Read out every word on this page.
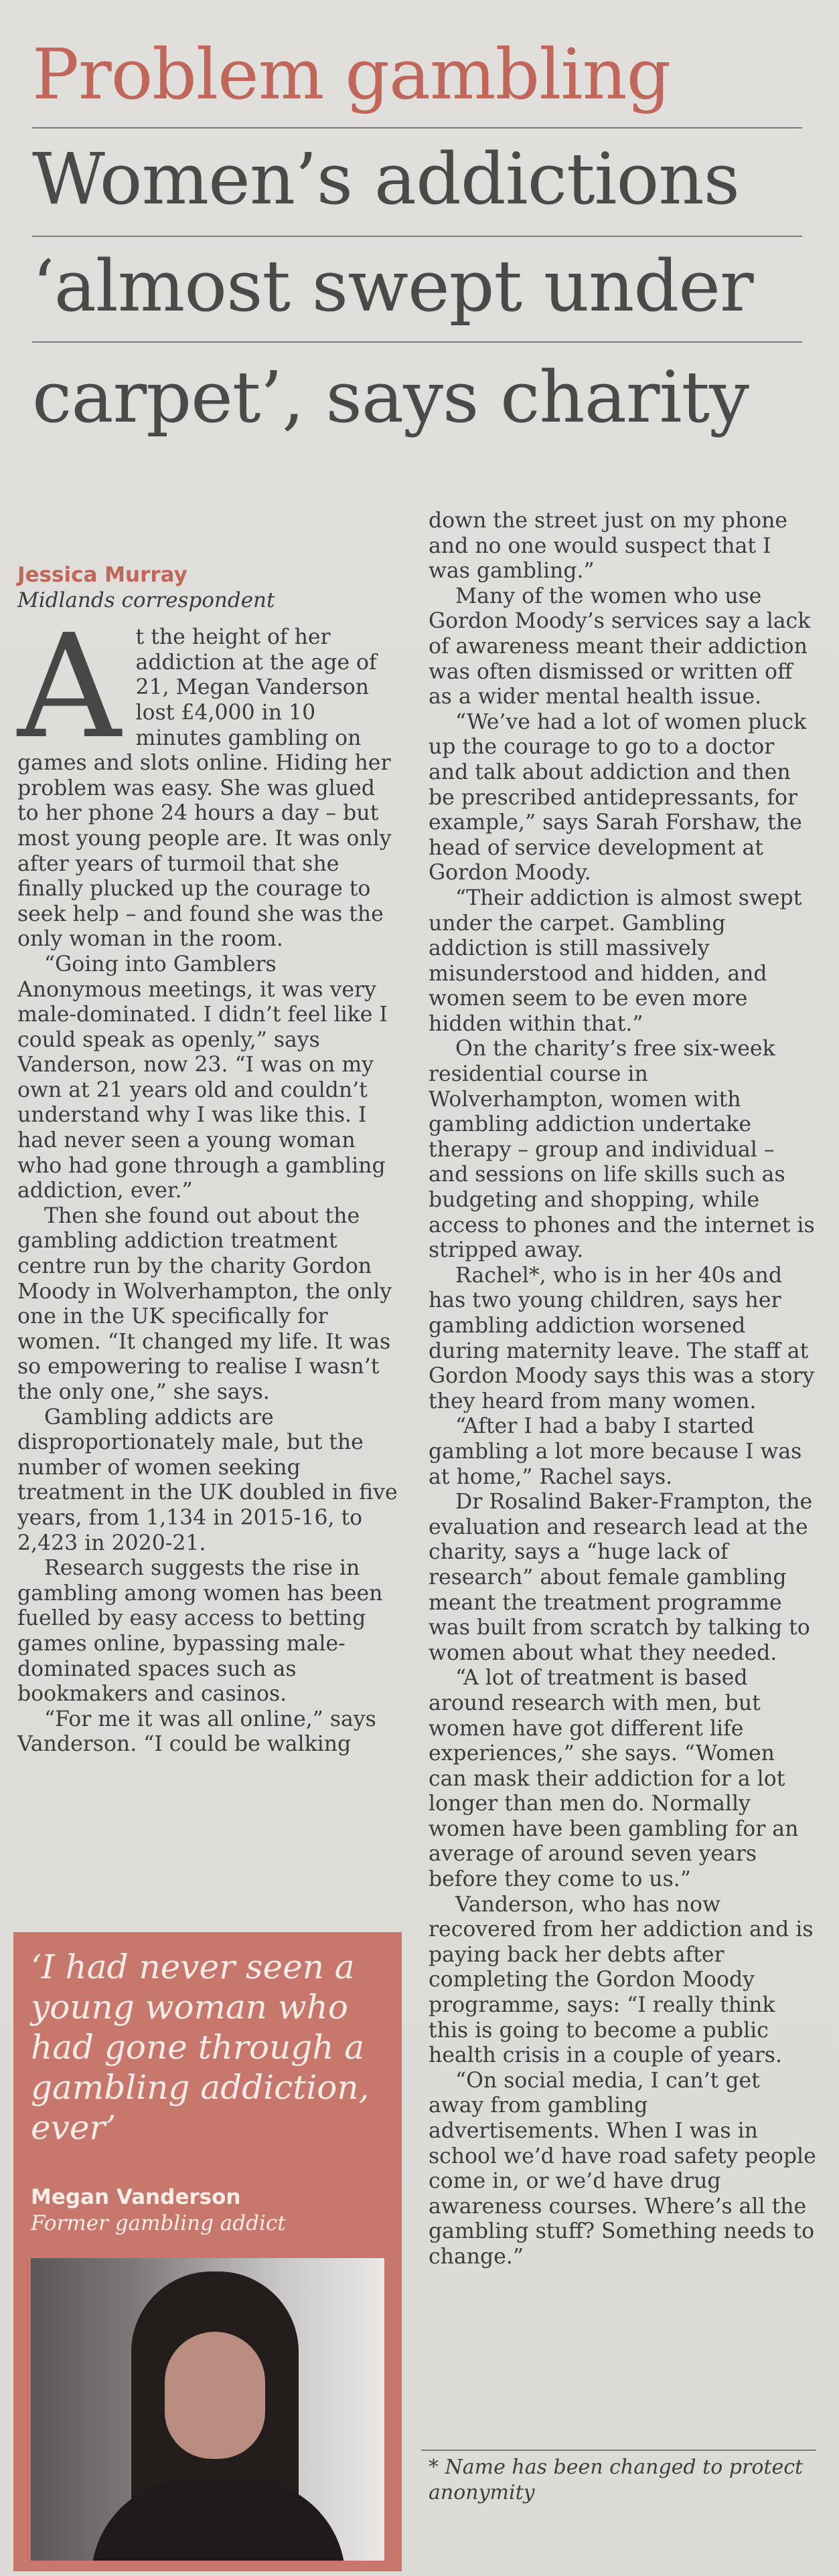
Problem gambling
Women’s addictions
‘almost swept under
carpet’, says charity
Jessica Murray
Midlands correspondent

At the height of her addiction at the age of 21, Megan Vanderson lost £4,000 in 10 minutes gambling on games and slots online. Hiding her problem was easy. She was glued to her phone 24 hours a day – but most young people are. It was only after years of turmoil that she finally plucked up the courage to seek help – and found she was the only woman in the room.

“Going into Gamblers Anonymous meetings, it was very male-dominated. I didn’t feel like I could speak as openly,” says Vanderson, now 23. “I was on my own at 21 years old and couldn’t understand why I was like this. I had never seen a young woman who had gone through a gambling addiction, ever.”

Then she found out about the gambling addiction treatment centre run by the charity Gordon Moody in Wolverhampton, the only one in the UK specifically for women. “It changed my life. It was so empowering to realise I wasn’t the only one,” she says.

Gambling addicts are disproportionately male, but the number of women seeking treatment in the UK doubled in five years, from 1,134 in 2015-16, to 2,423 in 2020-21.

Research suggests the rise in gambling among women has been fuelled by easy access to betting games online, bypassing male-dominated spaces such as bookmakers and casinos.

“For me it was all online,” says Vanderson. “I could be walking

down the street just on my phone and no one would suspect that I was gambling.”

Many of the women who use Gordon Moody’s services say a lack of awareness meant their addiction was often dismissed or written off as a wider mental health issue.

“We’ve had a lot of women pluck up the courage to go to a doctor and talk about addiction and then be prescribed antidepressants, for example,” says Sarah Forshaw, the head of service development at Gordon Moody.

“Their addiction is almost swept under the carpet. Gambling addiction is still massively misunderstood and hidden, and women seem to be even more hidden within that.”

On the charity’s free six-week residential course in Wolverhampton, women with gambling addiction undertake therapy – group and individual – and sessions on life skills such as budgeting and shopping, while access to phones and the internet is stripped away.

Rachel*, who is in her 40s and has two young children, says her gambling addiction worsened during maternity leave. The staff at Gordon Moody says this was a story they heard from many women.

“After I had a baby I started gambling a lot more because I was at home,” Rachel says.

Dr Rosalind Baker-Frampton, the evaluation and research lead at the charity, says a “huge lack of research” about female gambling meant the treatment programme was built from scratch by talking to women about what they needed.

“A lot of treatment is based around research with men, but women have got different life experiences,” she says. “Women can mask their addiction for a lot longer than men do. Normally women have been gambling for an average of around seven years before they come to us.”

Vanderson, who has now recovered from her addiction and is paying back her debts after completing the Gordon Moody programme, says: “I really think this is going to become a public health crisis in a couple of years.

“On social media, I can’t get away from gambling advertisements. When I was in school we’d have road safety people come in, or we’d have drug awareness courses. Where’s all the gambling stuff? Something needs to change.”

‘I had never seen a young woman who had gone through a gambling addiction, ever’
Megan Vanderson
Former gambling addict
* Name has been changed to protect anonymity
